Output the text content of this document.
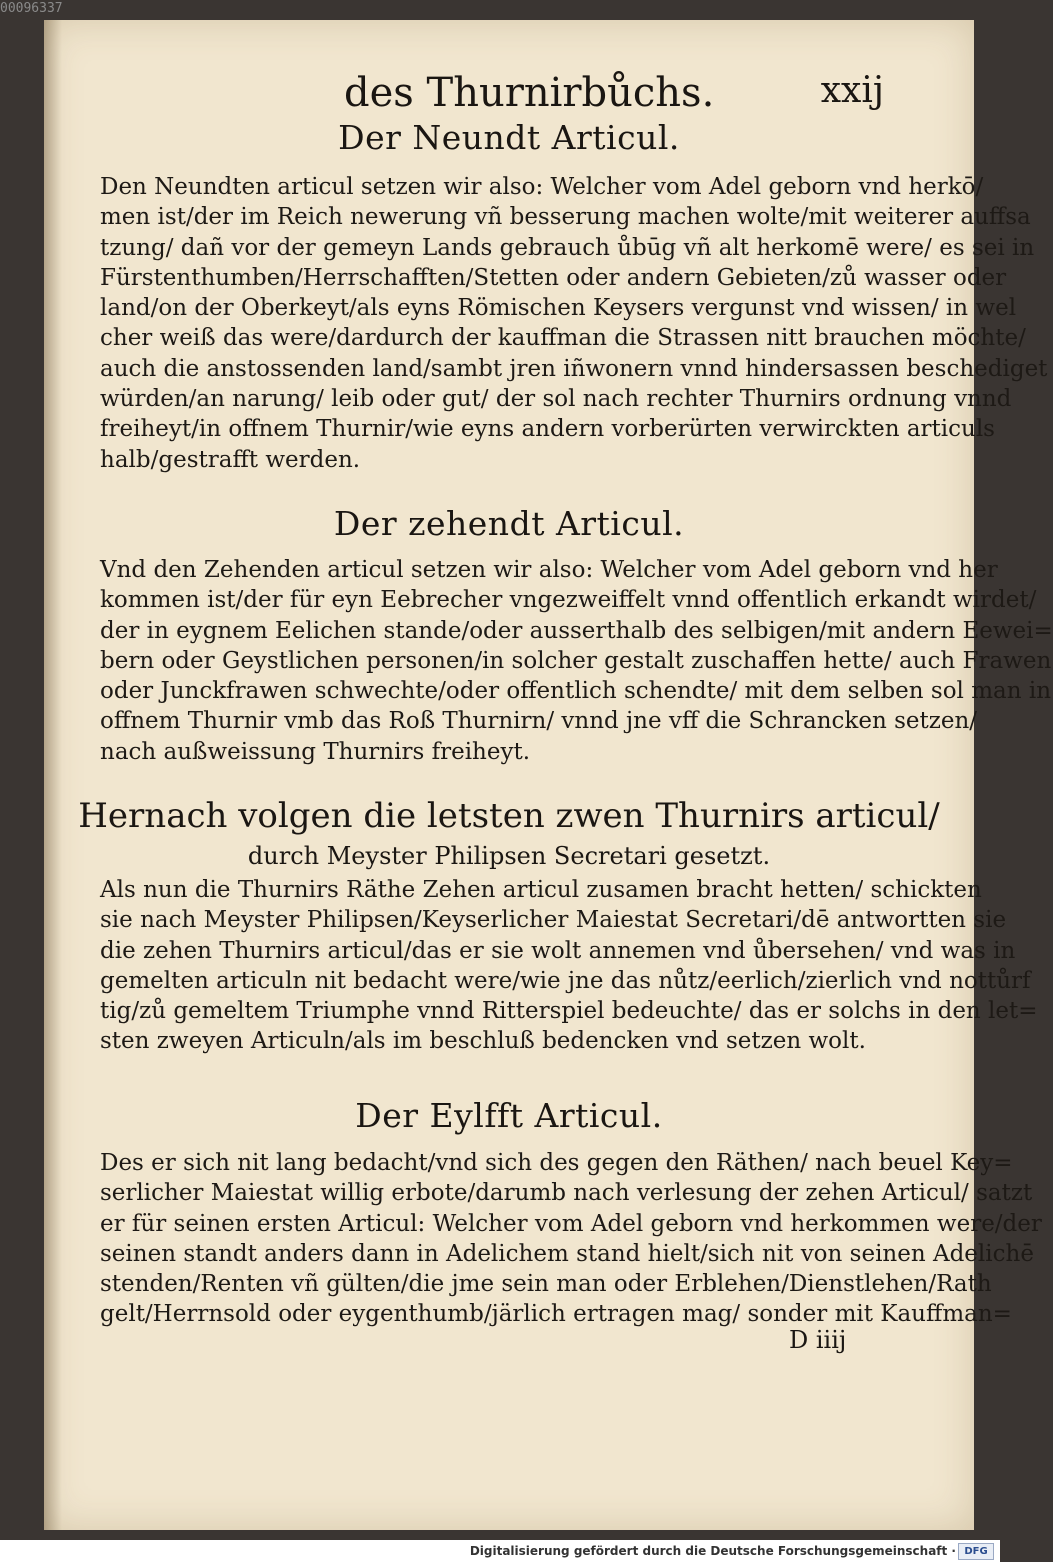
00096337
des Thurnirbůchs.	xxij
Der Neundt Articul.
Den Neundten articul setzen wir also: Welcher vom Adel geborn vnd herkō/
men ist/der im Reich newerung vñ besserung machen wolte/mit weiterer auffsa
tzung/ dañ vor der gemeyn Lands gebrauch ůbūg vñ alt herkomē were/ es sei in
Fürstenthumben/Herrschafften/Stetten oder andern Gebieten/zů wasser oder
land/on der Oberkeyt/als eyns Römischen Keysers vergunst vnd wissen/ in wel
cher weiß das were/dardurch der kauffman die Strassen nitt brauchen möchte/
auch die anstossenden land/sambt jren iñwonern vnnd hindersassen beschediget
würden/an narung/ leib oder gut/ der sol nach rechter Thurnirs ordnung vnnd
freiheyt/in offnem Thurnir/wie eyns andern vorberürten verwirckten articuls
halb/gestrafft werden.
Der zehendt Articul.
Vnd den Zehenden articul setzen wir also: Welcher vom Adel geborn vnd her
kommen ist/der für eyn Eebrecher vngezweiffelt vnnd offentlich erkandt wirdet/
der in eygnem Eelichen stande/oder ausserthalb des selbigen/mit andern Eewei=
bern oder Geystlichen personen/in solcher gestalt zuschaffen hette/ auch Frawen
oder Junckfrawen schwechte/oder offentlich schendte/ mit dem selben sol man in
offnem Thurnir vmb das Roß Thurnirn/ vnnd jne vff die Schrancken setzen/
nach außweissung Thurnirs freiheyt.
Hernach volgen die letsten zwen Thurnirs articul/
durch Meyster Philipsen Secretari gesetzt.
Als nun die Thurnirs Räthe Zehen articul zusamen bracht hetten/ schickten
sie nach Meyster Philipsen/Keyserlicher Maiestat Secretari/dē antwortten sie
die zehen Thurnirs articul/das er sie wolt annemen vnd ůbersehen/ vnd was in
gemelten articuln nit bedacht were/wie jne das nůtz/eerlich/zierlich vnd nottůrf
tig/zů gemeltem Triumphe vnnd Ritterspiel bedeuchte/ das er solchs in den let=
sten zweyen Articuln/als im beschluß bedencken vnd setzen wolt.
Der Eylfft Articul.
Des er sich nit lang bedacht/vnd sich des gegen den Räthen/ nach beuel Key=
serlicher Maiestat willig erbote/darumb nach verlesung der zehen Articul/ satzt
er für seinen ersten Articul: Welcher vom Adel geborn vnd herkommen were/der
seinen standt anders dann in Adelichem stand hielt/sich nit von seinen Adelichē
stenden/Renten vñ gülten/die jme sein man oder Erblehen/Dienstlehen/Rath
gelt/Herrnsold oder eygenthumb/järlich ertragen mag/ sonder mit Kauffman=
D iiij
Digitalisierung gefördert durch die Deutsche Forschungsgemeinschaft · DFG
